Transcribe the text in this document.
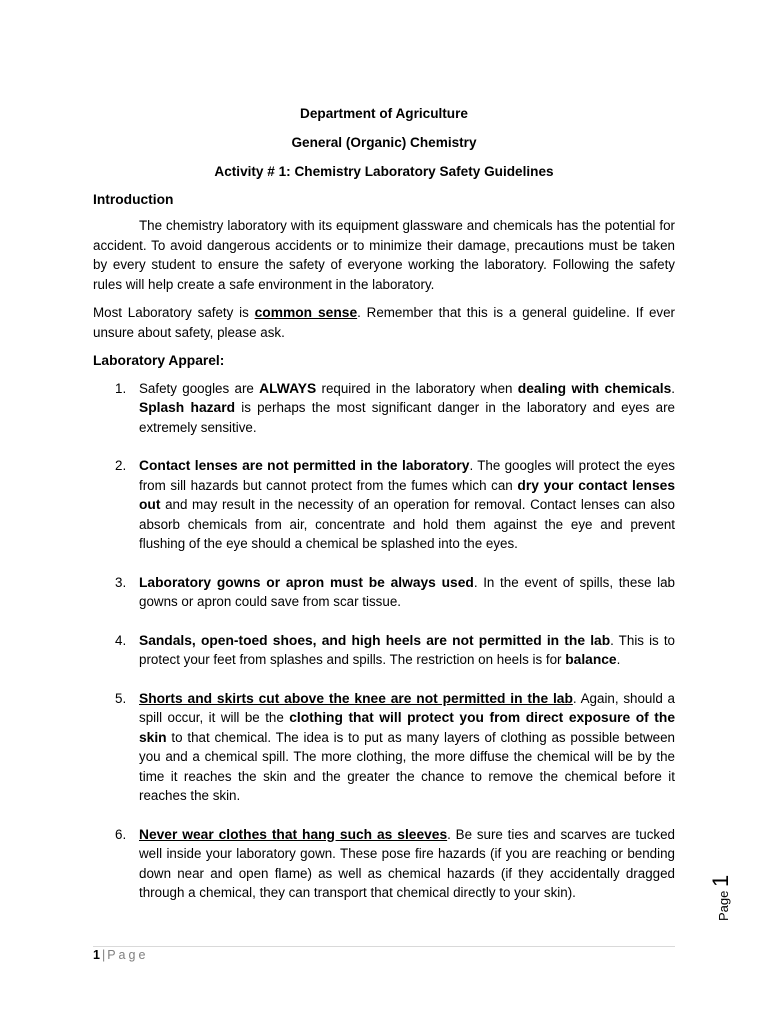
Department of Agriculture
General (Organic) Chemistry
Activity # 1: Chemistry Laboratory Safety Guidelines
Introduction

The chemistry laboratory with its equipment glassware and chemicals has the potential for accident. To avoid dangerous accidents or to minimize their damage, precautions must be taken by every student to ensure the safety of everyone working the laboratory. Following the safety rules will help create a safe environment in the laboratory.

Most Laboratory safety is common sense. Remember that this is a general guideline. If ever unsure about safety, please ask.

Laboratory Apparel:
1. Safety googles are ALWAYS required in the laboratory when dealing with chemicals. Splash hazard is perhaps the most significant danger in the laboratory and eyes are extremely sensitive.
2. Contact lenses are not permitted in the laboratory. The googles will protect the eyes from sill hazards but cannot protect from the fumes which can dry your contact lenses out and may result in the necessity of an operation for removal. Contact lenses can also absorb chemicals from air, concentrate and hold them against the eye and prevent flushing of the eye should a chemical be splashed into the eyes.
3. Laboratory gowns or apron must be always used. In the event of spills, these lab gowns or apron could save from scar tissue.
4. Sandals, open-toed shoes, and high heels are not permitted in the lab. This is to protect your feet from splashes and spills. The restriction on heels is for balance.
5. Shorts and skirts cut above the knee are not permitted in the lab. Again, should a spill occur, it will be the clothing that will protect you from direct exposure of the skin to that chemical. The idea is to put as many layers of clothing as possible between you and a chemical spill. The more clothing, the more diffuse the chemical will be by the time it reaches the skin and the greater the chance to remove the chemical before it reaches the skin.
6. Never wear clothes that hang such as sleeves. Be sure ties and scarves are tucked well inside your laboratory gown. These pose fire hazards (if you are reaching or bending down near and open flame) as well as chemical hazards (if they accidentally dragged through a chemical, they can transport that chemical directly to your skin).	Page 1
1 | Page
